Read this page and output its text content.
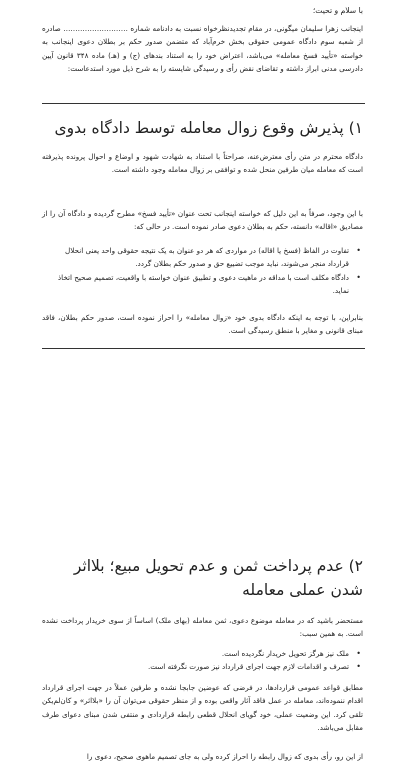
با سلام و تحیت؛

اینجانب زهرا سلیمان میگونی، در مقام تجدیدنظرخواه نسبت به دادنامه شماره ……………………… صادره از شعبه سوم دادگاه عمومی حقوقی بخش خرم‌آباد که متضمن صدور حکم بر بطلان دعوی اینجانب به خواسته «تأیید فسخ معامله» می‌باشد، اعتراض خود را به استناد بندهای (ج) و (هـ) ماده ۳۴۸ قانون آیین دادرسی مدنی ابراز داشته و تقاضای نقض رأی و رسیدگی شایسته را به شرح ذیل مورد استدعاست:

۱) پذیرش وقوع زوال معامله توسط دادگاه بدوی

دادگاه محترم در متن رأی معترض‌عنه، صراحتاً با استناد به شهادت شهود و اوضاع و احوال پرونده پذیرفته است که معامله میان طرفین منحل شده و توافقی بر زوال معامله وجود داشته است.

با این وجود، صرفاً به این دلیل که خواسته اینجانب تحت عنوان «تأیید فسخ» مطرح گردیده و دادگاه آن را از مصادیق «اقاله» دانسته، حکم به بطلان دعوی صادر نموده است. در حالی که:

• تفاوت در الفاظ (فسخ یا اقاله) در مواردی که هر دو عنوان به یک نتیجه حقوقی واحد یعنی انحلال قرارداد منجر می‌شوند، نباید موجب تضییع حق و صدور حکم بطلان گردد.
• دادگاه مکلف است با مداقه در ماهیت دعوی و تطبیق عنوان خواسته با واقعیت، تصمیم صحیح اتخاذ نماید.

بنابراین، با توجه به اینکه دادگاه بدوی خود «زوال معامله» را احراز نموده است، صدور حکم بطلان، فاقد مبنای قانونی و مغایر با منطق رسیدگی است.

۲) عدم پرداخت ثمن و عدم تحویل مبیع؛ بلااثر شدن عملی معامله

مستحضر باشید که در معامله موضوع دعوی، ثمن معامله (بهای ملک) اساساً از سوی خریدار پرداخت نشده است. به همین سبب:

• ملک نیز هرگز تحویل خریدار نگردیده است.
• تصرف و اقدامات لازم جهت اجرای قرارداد نیز صورت نگرفته است.

مطابق قواعد عمومی قراردادها، در فرضی که عوضین جابجا نشده و طرفین عملاً در جهت اجرای قرارداد اقدام ننموده‌اند، معامله در عمل فاقد آثار واقعی بوده و از منظر حقوقی می‌توان آن را «بلااثر» و کان‌لم‌یکن تلقی کرد. این وضعیت عملی، خود گویای انحلال قطعی رابطه قراردادی و منتفی شدن مبنای دعوای طرف مقابل می‌باشد.

از این رو، رأی بدوی که زوال رابطه را احراز کرده ولی به جای تصمیم ماهوی صحیح، دعوی را
